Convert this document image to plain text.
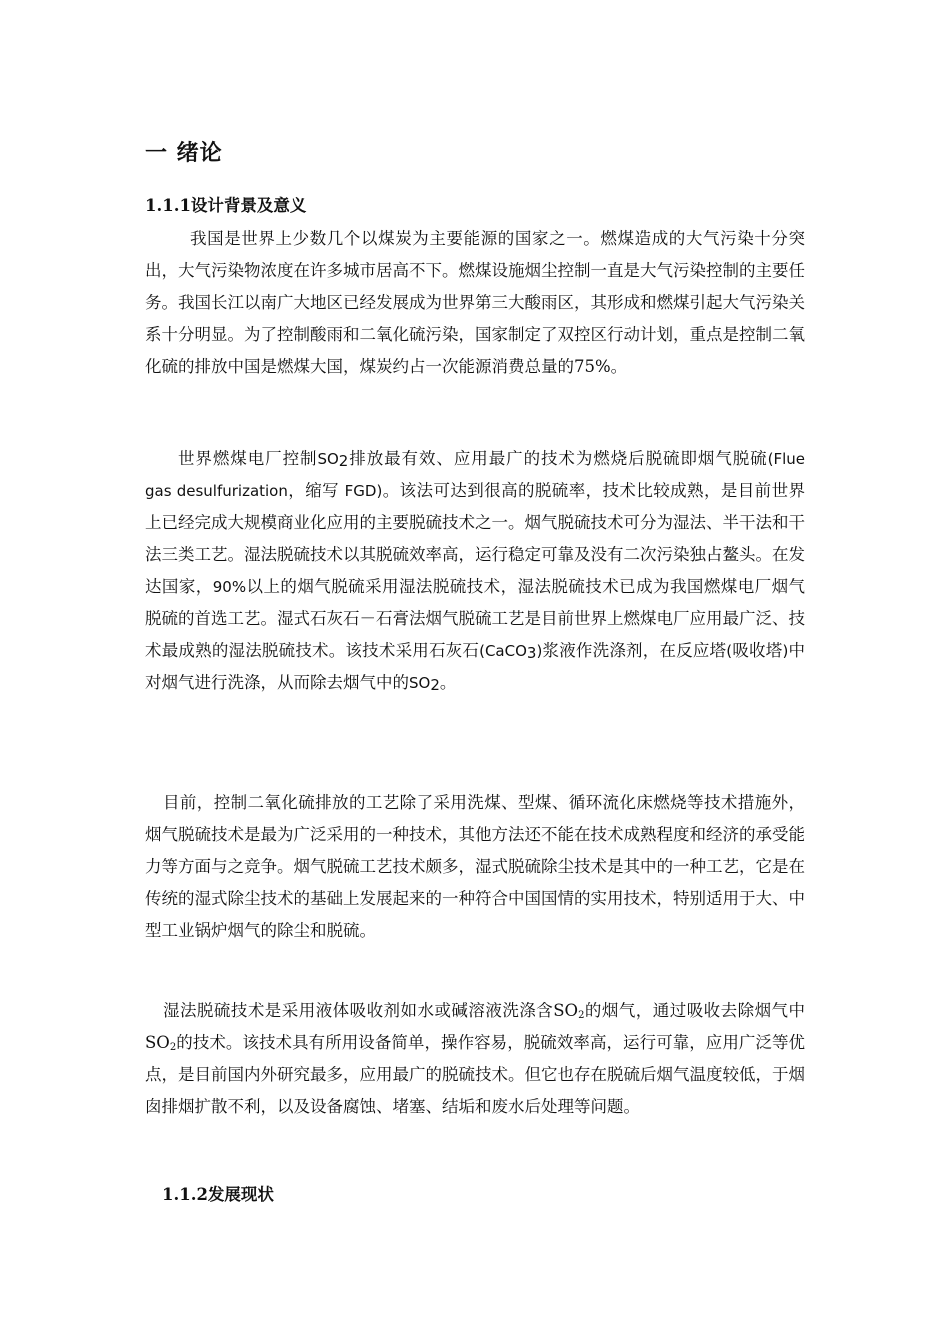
一 绪论
1.1.1设计背景及意义

我国是世界上少数几个以煤炭为主要能源的国家之一。燃煤造成的大气污染十分突出，大气污染物浓度在许多城市居高不下。燃煤设施烟尘控制一直是大气污染控制的主要任务。我国长江以南广大地区已经发展成为世界第三大酸雨区，其形成和燃煤引起大气污染关系十分明显。为了控制酸雨和二氧化硫污染，国家制定了双控区行动计划，重点是控制二氧化硫的排放中国是燃煤大国，煤炭约占一次能源消费总量的75%。

世界燃煤电厂控制$SO_2$排放最有效、应用最广的技术为燃烧后脱硫即烟气脱硫(Flue gas desulfurization，缩写 FGD)。该法可达到很高的脱硫率，技术比较成熟，是目前世界上已经完成大规模商业化应用的主要脱硫技术之一。烟气脱硫技术可分为湿法、半干法和干法三类工艺。湿法脱硫技术以其脱硫效率高，运行稳定可靠及没有二次污染独占鳌头。在发达国家，90%以上的烟气脱硫采用湿法脱硫技术，湿法脱硫技术已成为我国燃煤电厂烟气脱硫的首选工艺。湿式石灰石－石膏法烟气脱硫工艺是目前世界上燃煤电厂应用最广泛、技术最成熟的湿法脱硫技术。该技术采用石灰石(CaCO$_3$)浆液作洗涤剂，在反应塔(吸收塔)中对烟气进行洗涤，从而除去烟气中的$SO_2$。

目前，控制二氧化硫排放的工艺除了采用洗煤、型煤、循环流化床燃烧等技术措施外，烟气脱硫技术是最为广泛采用的一种技术，其他方法还不能在技术成熟程度和经济的承受能力等方面与之竞争。烟气脱硫工艺技术颇多，湿式脱硫除尘技术是其中的一种工艺，它是在传统的湿式除尘技术的基础上发展起来的一种符合中国国情的实用技术，特别适用于大、中型工业锅炉烟气的除尘和脱硫。

湿法脱硫技术是采用液体吸收剂如水或碱溶液洗涤含$SO_2$的烟气，通过吸收去除烟气中$SO_2$的技术。该技术具有所用设备简单，操作容易，脱硫效率高，运行可靠，应用广泛等优点，是目前国内外研究最多，应用最广的脱硫技术。但它也存在脱硫后烟气温度较低，于烟囱排烟扩散不利，以及设备腐蚀、堵塞、结垢和废水后处理等问题。

1.1.2发展现状
